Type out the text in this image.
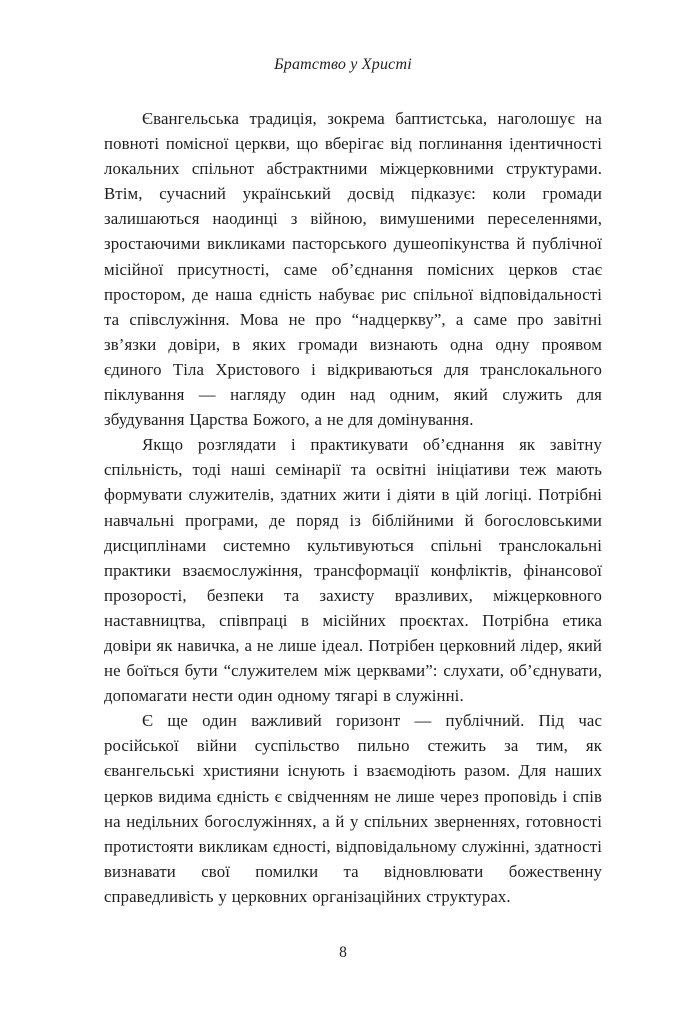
Братство у Христі

Євангельська традиція, зокрема баптистська, наголошує на повноті помісної церкви, що вберігає від поглинання ідентичності локальних спільнот абстрактними міжцерковними структурами. Втім, сучасний український досвід підказує: коли громади залишаються наодинці з війною, вимушеними переселеннями, зростаючими викликами пасторського душеопікунства й публічної місійної присутності, саме об’єднання помісних церков стає простором, де наша єдність набуває рис спільної відповідальності та співслужіння. Мова не про “надцеркву”, а саме про завітні зв’язки довіри, в яких громади визнають одна одну проявом єдиного Тіла Христового і відкриваються для транслокального піклування — нагляду один над одним, який служить для збудування Царства Божого, а не для домінування.

Якщо розглядати і практикувати об’єднання як завітну спільність, тоді наші семінарії та освітні ініціативи теж мають формувати служителів, здатних жити і діяти в цій логіці. Потрібні навчальні програми, де поряд із біблійними й богословськими дисциплінами системно культивуються спільні транслокальні практики взаємослужіння, трансформації конфліктів, фінансової прозорості, безпеки та захисту вразливих, міжцерковного наставництва, співпраці в місійних проєктах. Потрібна етика довіри як навичка, а не лише ідеал. Потрібен церковний лідер, який не боїться бути “служителем між церквами”: слухати, об’єднувати, допомагати нести один одному тягарі в служінні.

Є ще один важливий горизонт — публічний. Під час російської війни суспільство пильно стежить за тим, як євангельські християни існують і взаємодіють разом. Для наших церков видима єдність є свідченням не лише через проповідь і спів на недільних богослужіннях, а й у спільних зверненнях, готовності протистояти викликам єдності, відповідальному служінні, здатності визнавати свої помилки та відновлювати божественну справедливість у церковних організаційних структурах.

8
